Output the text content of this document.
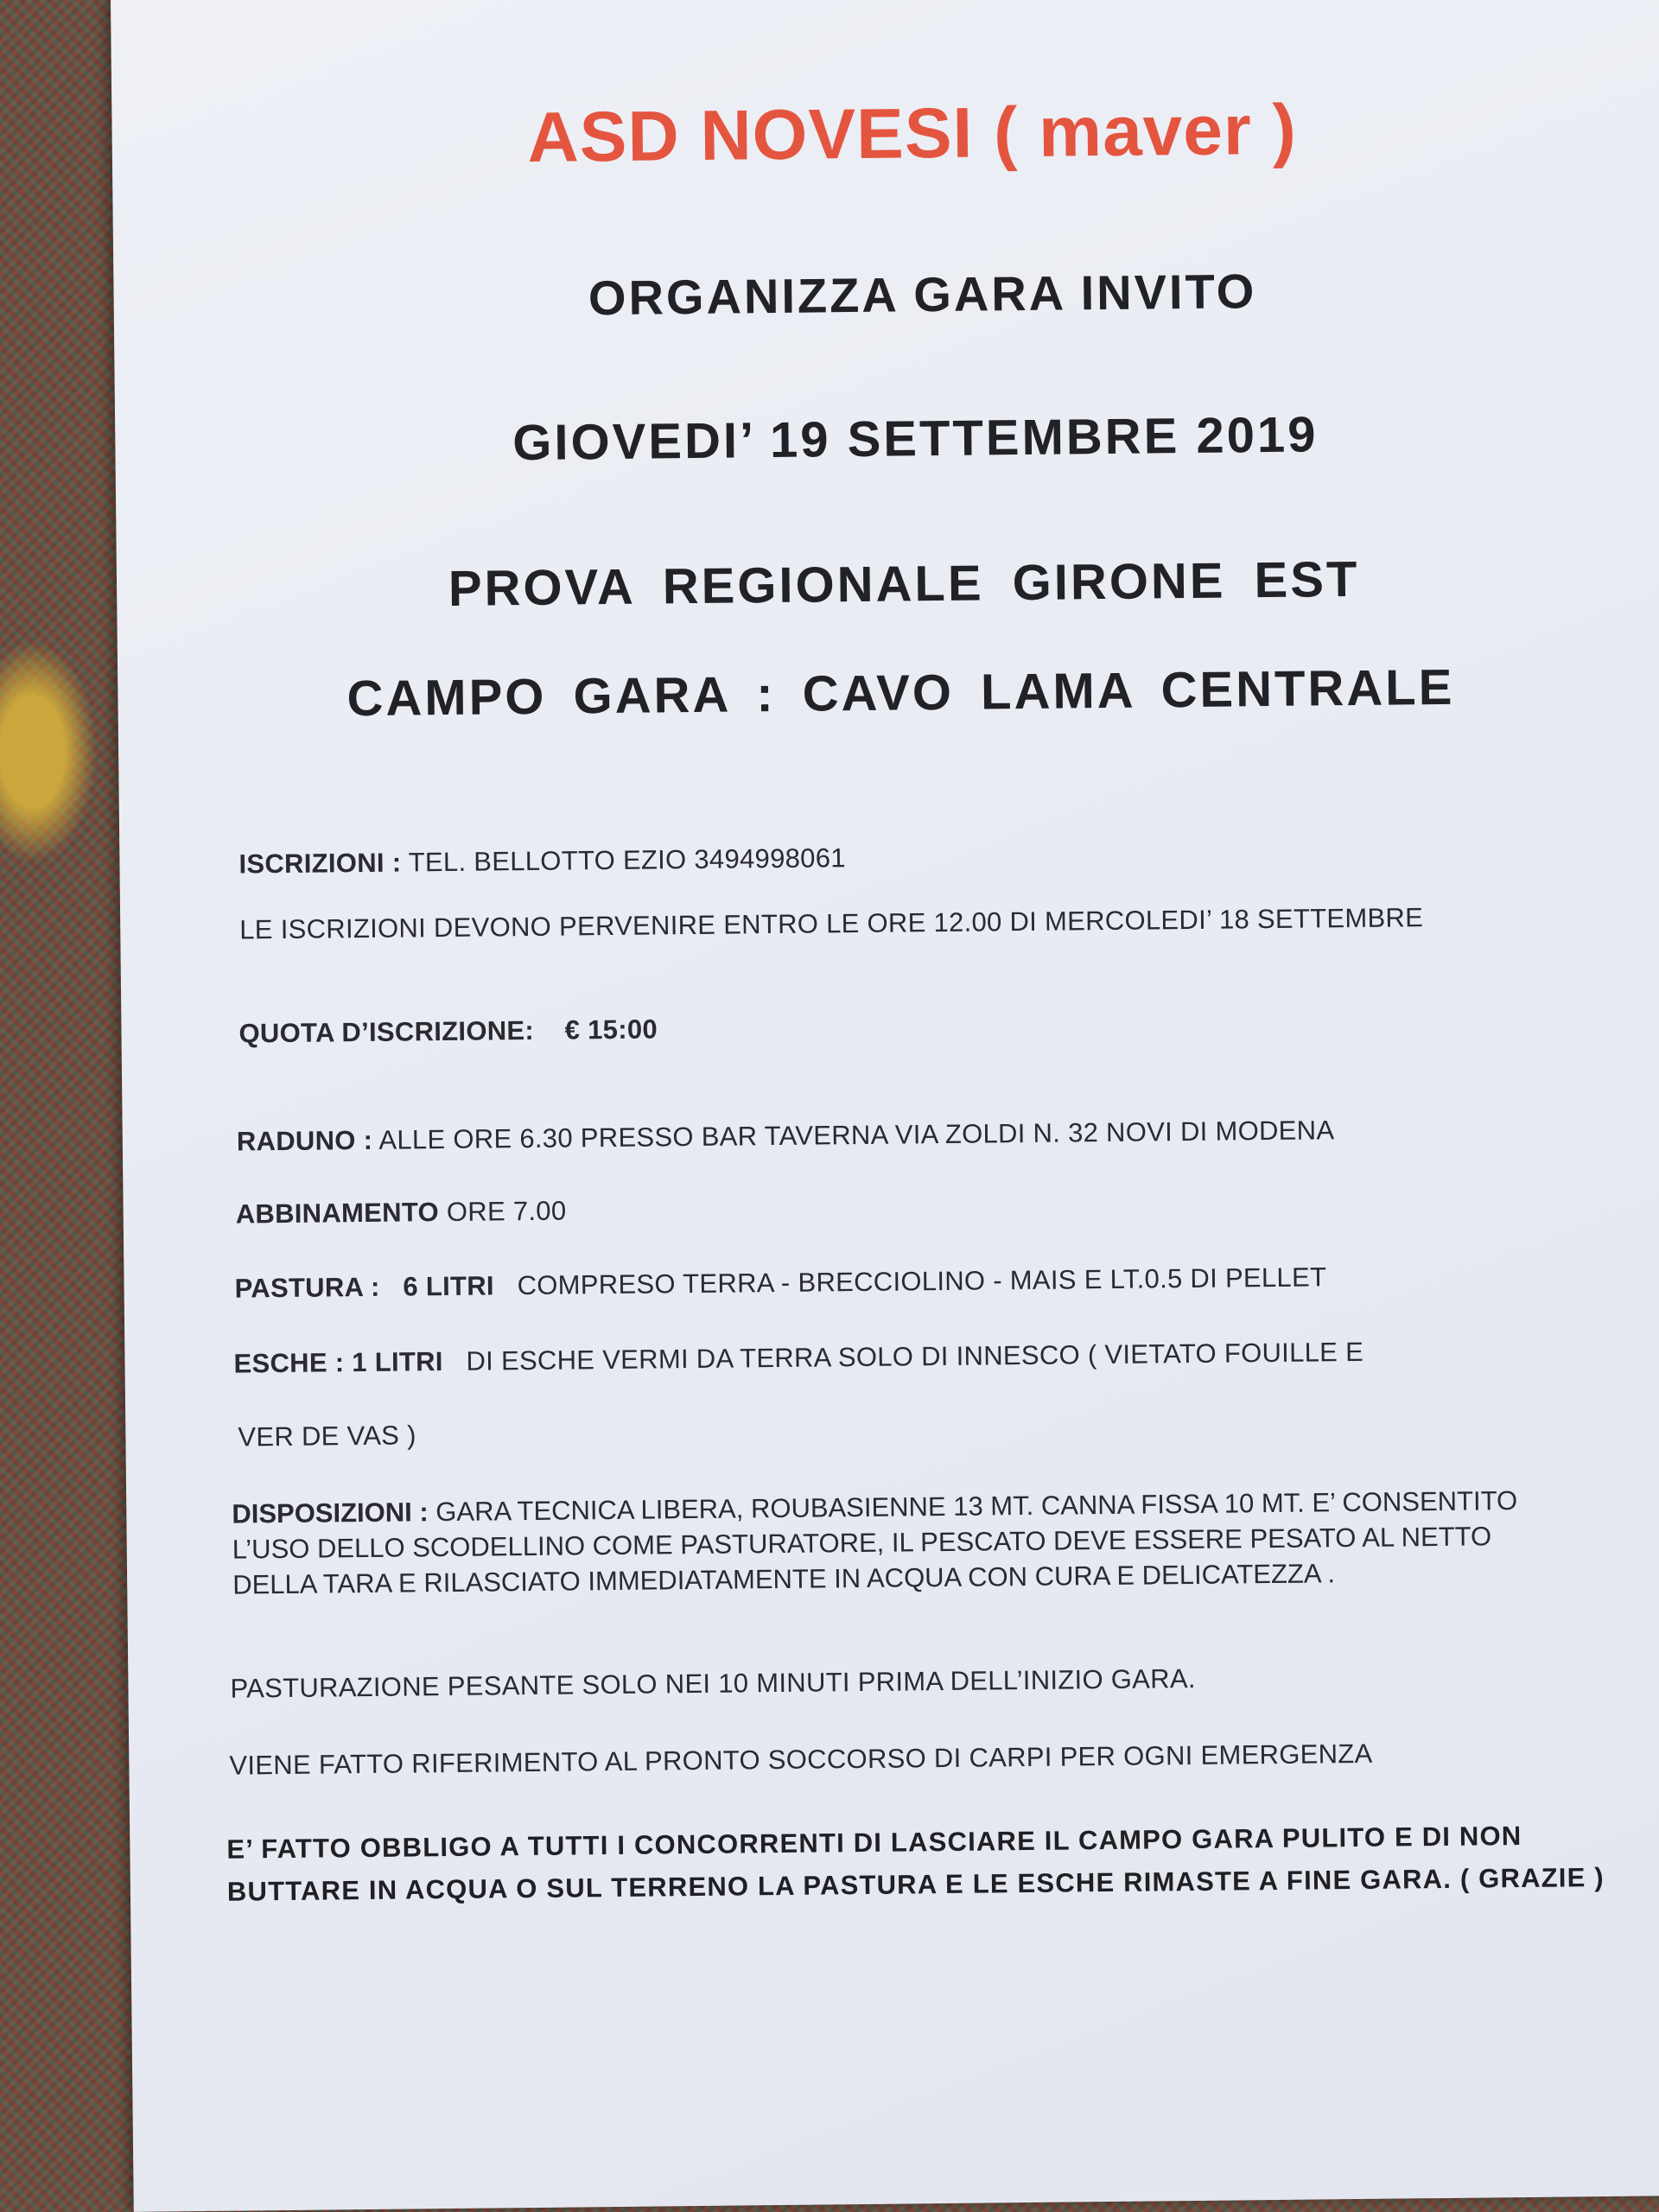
ASD NOVESI ( maver )

ORGANIZZA GARA INVITO

GIOVEDI’ 19 SETTEMBRE 2019

PROVA REGIONALE GIRONE EST

CAMPO GARA : CAVO LAMA CENTRALE

ISCRIZIONI : TEL. BELLOTTO EZIO 3494998061

LE ISCRIZIONI DEVONO PERVENIRE ENTRO LE ORE 12.00 DI MERCOLEDI’ 18 SETTEMBRE

QUOTA D’ISCRIZIONE: € 15:00

RADUNO : ALLE ORE 6.30 PRESSO BAR TAVERNA VIA ZOLDI N. 32 NOVI DI MODENA

ABBINAMENTO ORE 7.00

PASTURA : 6 LITRI COMPRESO TERRA - BRECCIOLINO - MAIS E LT.0.5 DI PELLET

ESCHE : 1 LITRI DI ESCHE VERMI DA TERRA SOLO DI INNESCO ( VIETATO FOUILLE E

VER DE VAS )

DISPOSIZIONI : GARA TECNICA LIBERA, ROUBASIENNE 13 MT. CANNA FISSA 10 MT. E’ CONSENTITO L’USO DELLO SCODELLINO COME PASTURATORE, IL PESCATO DEVE ESSERE PESATO AL NETTO DELLA TARA E RILASCIATO IMMEDIATAMENTE IN ACQUA CON CURA E DELICATEZZA .

PASTURAZIONE PESANTE SOLO NEI 10 MINUTI PRIMA DELL’INIZIO GARA.

VIENE FATTO RIFERIMENTO AL PRONTO SOCCORSO DI CARPI PER OGNI EMERGENZA

E’ FATTO OBBLIGO A TUTTI I CONCORRENTI DI LASCIARE IL CAMPO GARA PULITO E DI NON BUTTARE IN ACQUA O SUL TERRENO LA PASTURA E LE ESCHE RIMASTE A FINE GARA. ( GRAZIE )
